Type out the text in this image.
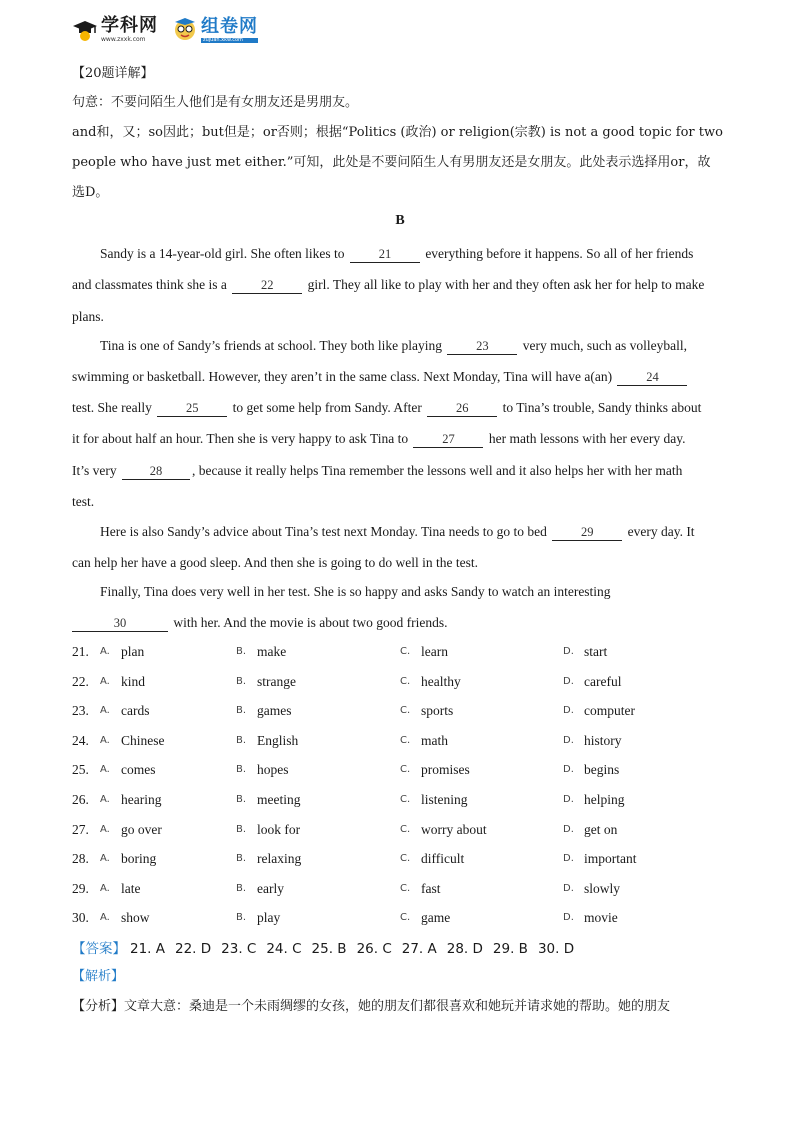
学科网
www.zxxk.com
组卷网
zujuan.xkw.com
【20题详解】
句意：不要问陌生人他们是有女朋友还是男朋友。
and和，又；so因此；but但是；or否则；根据“Politics (政治) or religion(宗教) is not a good topic for two
people who have just met either.”可知，此处是不要问陌生人有男朋友还是女朋友。此处表示选择用or，故
选D。
B
Sandy is a 14-year-old girl. She often likes to	21	everything before it happens. So all of her friends
and classmates think she is a	22	girl. They all like to play with her and they often ask her for help to make
plans.
Tina is one of Sandy’s friends at school. They both like playing	23	very much, such as volleyball,
swimming or basketball. However, they aren’t in the same class. Next Monday, Tina will have a(an)	24
test. She really	25	to get some help from Sandy. After	26	to Tina’s trouble, Sandy thinks about
it for about half an hour. Then she is very happy to ask Tina to	27	her math lessons with her every day.
It’s very	28 , because it really helps Tina remember the lessons well and it also helps her with her math
test.
Here is also Sandy’s advice about Tina’s test next Monday. Tina needs to go to bed	29	every day. It
can help her have a good sleep. And then she is going to do well in the test.
Finally, Tina does very well in her test. She is so happy and asks Sandy to watch an interesting
30	with her. And the movie is about two good friends.
21. A. plan	B. make	C. learn	D. start
22. A. kind	B. strange	C. healthy	D. careful
23. A. cards	B. games	C. sports	D. computer
24. A. Chinese	B. English	C. math	D. history
25. A. comes	B. hopes	C. promises	D. begins
26. A. hearing	B. meeting	C. listening	D. helping
27. A. go over	B. look for	C. worry about	D. get on
28. A. boring	B. relaxing	C. difficult	D. important
29. A. late	B. early	C. fast	D. slowly
30. A. show	B. play	C. game	D. movie
【答案】 21. A 22. D 23. C 24. C 25. B 26. C 27. A 28. D 29. B 30. D
【解析】
【分析】文章大意：桑迪是一个未雨绸缪的女孩，她的朋友们都很喜欢和她玩并请求她的帮助。她的朋友
